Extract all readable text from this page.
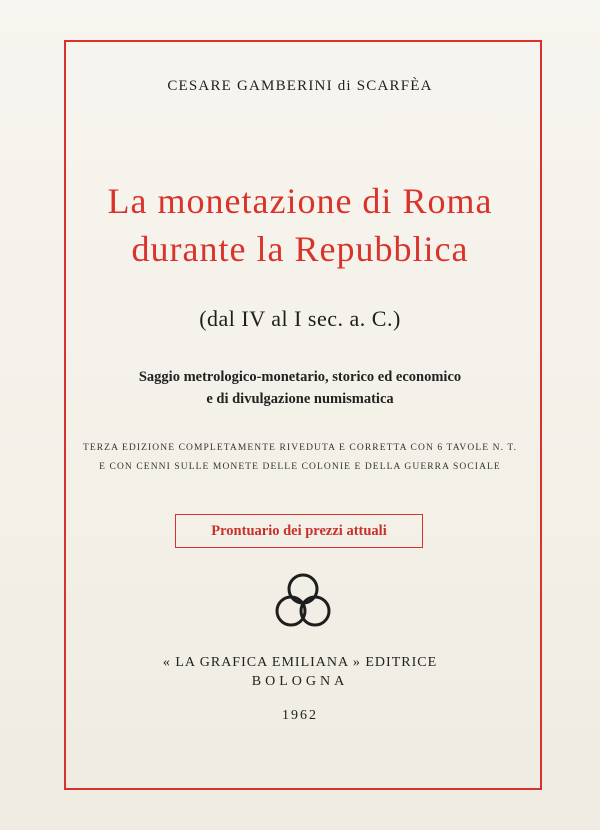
CESARE GAMBERINI di SCARFÈA
La monetazione di Roma
durante la Repubblica
(dal IV al I sec. a. C.)
Saggio metrologico-monetario, storico ed economico
e di divulgazione numismatica
TERZA EDIZIONE COMPLETAMENTE RIVEDUTA E CORRETTA CON 6 TAVOLE N. T.
E CON CENNI SULLE MONETE DELLE COLONIE E DELLA GUERRA SOCIALE
Prontuario dei prezzi attuali
« LA GRAFICA EMILIANA » EDITRICE
BOLOGNA
1962
